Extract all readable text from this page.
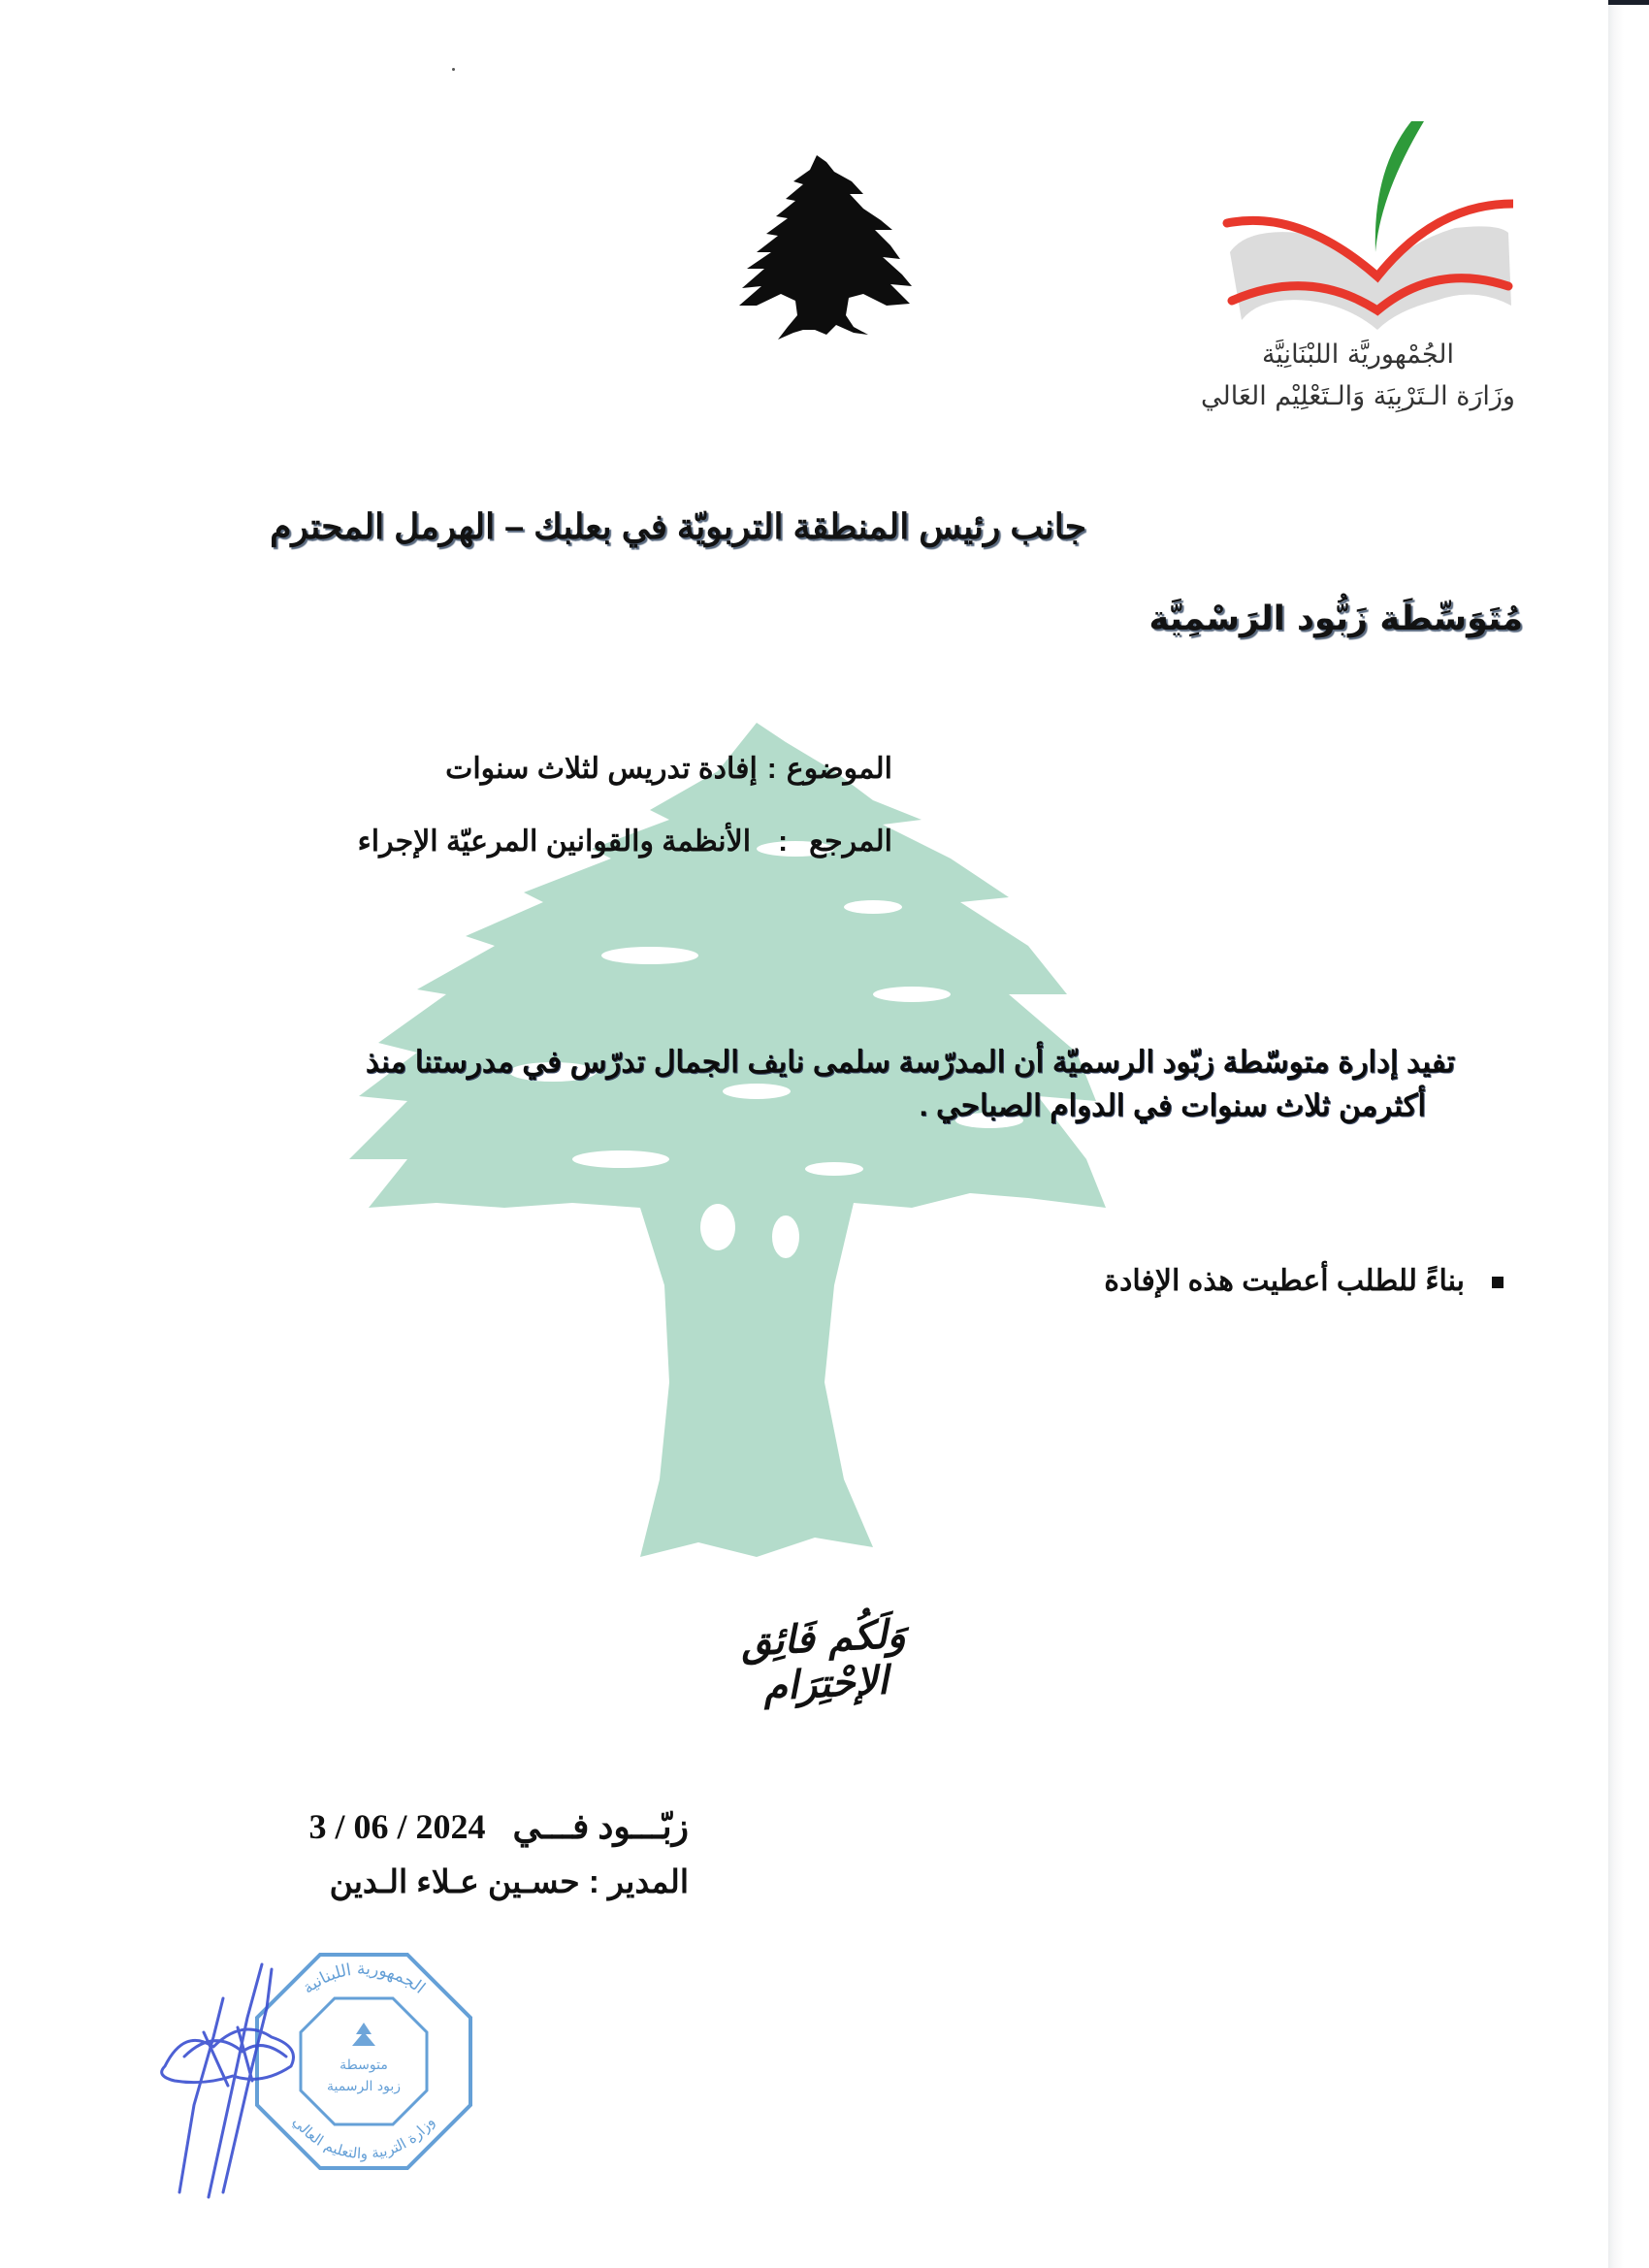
الجُمْهوريَّة اللبْنَانِيَّة
وزَارَة الـتَرْبِيَة وَالـتَعْلِيْم العَالي
جانب رئيس المنطقة التربويّة في بعلبك – الهرمل المحترم
مُتَوَسِّطَة زَبُّود الرَسْمِيَّة
الموضوع:إفادة تدريس لثلاث سنوات
المرجع:الأنظمة والقوانين المرعيّة الإجراء
تفيد إدارة متوسّطة زبّود الرسميّة أن المدرّسة سلمى نايف الجمال تدرّس في مدرستنا منذ
أكثرمن ثلاث سنوات في الدوام الصباحي .
بناءً للطلب أعطيت هذه الإفادة
وَلَكُم فَائِق الإحْتِرَام
زبّـــود فـــي3 / 06 / 2024
المدير : حسـين عـلاء الـدين
الجمهورية اللبنانية
وزارة التربية والتعليم العالي
متوسطة
زبود الرسمية
